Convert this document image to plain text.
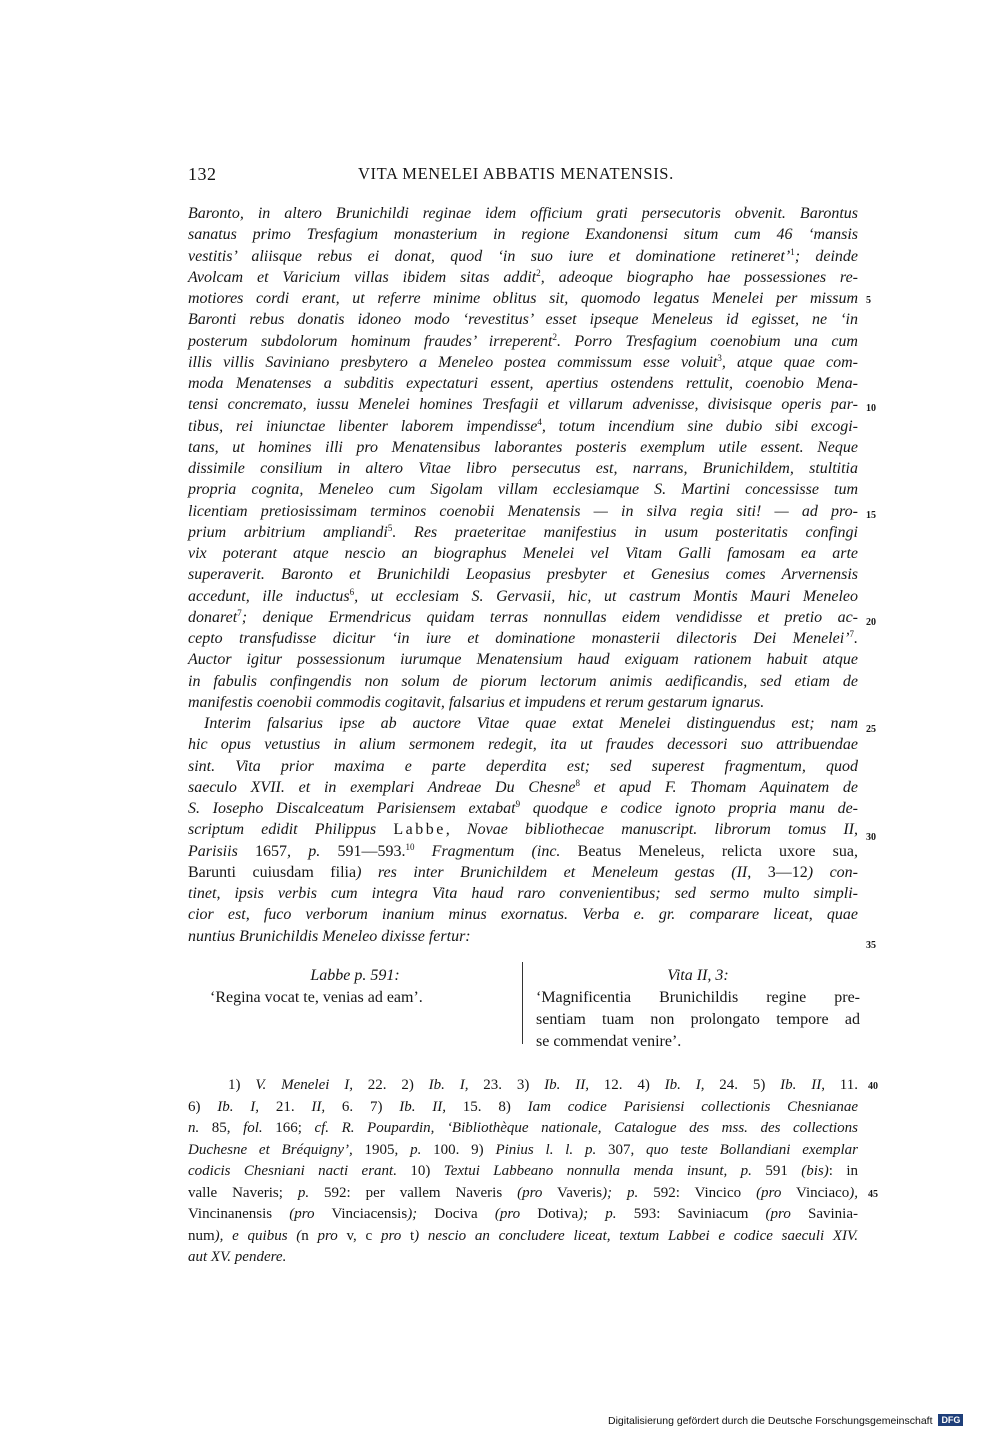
132	VITA MENELEI ABBATIS MENATENSIS.
Baronto, in altero Brunichildi reginae idem officium grati persecutoris obvenit. Barontus
sanatus primo Tresfagium monasterium in regione Exandonensi situm cum 46 ‘mansis
vestitis’ aliisque rebus ei donat, quod ‘in suo iure et dominatione retineret’$^1$; deinde
Avolcam et Varicium villas ibidem sitas addit$^2$, adeoque biographo hae possessiones re-
motiores cordi erant, ut referre minime oblitus sit, quomodo legatus Menelei per missum
Baronti rebus donatis idoneo modo ‘revestitus’ esset ipseque Meneleus id egisset, ne ‘in
posterum subdolorum hominum fraudes’ irreperent$^2$. Porro Tresfagium coenobium una cum
illis villis Saviniano presbytero a Meneleo postea commissum esse voluit$^3$, atque quae com-
moda Menatenses a subditis expectaturi essent, apertius ostendens rettulit, coenobio Mena-
tensi concremato, iussu Menelei homines Tresfagii et villarum advenisse, divisisque operis par-
tibus, rei iniunctae libenter laborem impendisse$^4$, totum incendium sine dubio sibi excogi-
tans, ut homines illi pro Menatensibus laborantes posteris exemplum utile essent. Neque
dissimile consilium in altero Vitae libro persecutus est, narrans, Brunichildem, stultitia
propria cognita, Meneleo cum Sigolam villam ecclesiamque S. Martini concessisse tum
licentiam pretiosissimam terminos coenobii Menatensis — in silva regia siti! — ad pro-
prium arbitrium ampliandi$^5$. Res praeteritae manifestius in usum posteritatis confingi
vix poterant atque nescio an biographus Menelei vel Vitam Galli famosam ea arte
superaverit. Baronto et Brunichildi Leopasius presbyter et Genesius comes Arvernensis
accedunt, ille inductus$^6$, ut ecclesiam S. Gervasii, hic, ut castrum Montis Mauri Meneleo
donaret$^7$; denique Ermendricus quidam terras nonnullas eidem vendidisse et pretio ac-
cepto transfudisse dicitur ‘in iure et dominatione monasterii dilectoris Dei Menelei’$^7$.
Auctor igitur possessionum iurumque Menatensium haud exiguam rationem habuit atque
in fabulis confingendis non solum de piorum lectorum animis aedificandis, sed etiam de
manifestis coenobii commodis cogitavit, falsarius et impudens et rerum gestarum ignarus.
Interim falsarius ipse ab auctore Vitae quae extat Menelei distinguendus est; nam
hic opus vetustius in alium sermonem redegit, ita ut fraudes decessori suo attribuendae
sint. Vita prior maxima e parte deperdita est; sed superest fragmentum, quod
saeculo XVII. et in exemplari Andreae Du Chesne$^8$ et apud F. Thomam Aquinatem de
S. Iosepho Discalceatum Parisiensem extabat$^9$ quodque e codice ignoto propria manu de-
scriptum edidit Philippus Labbe, Novae bibliothecae manuscript. librorum tomus II,
Parisiis 1657, p. 591—593.10 Fragmentum (inc. Beatus Meneleus, relicta uxore sua,
Barunti cuiusdam filia) res inter Brunichildem et Meneleum gestas (II, 3—12) con-
tinet, ipsis verbis cum integra Vita haud raro convenientibus; sed sermo multo simpli-
cior est, fuco verborum inanium minus exornatus. Verba e. gr. comparare liceat, quae
nuntius Brunichildis Meneleo dixisse fertur:
5
10
15
20
25
30
35
Labbe p. 591:
‘Regina vocat te, venias ad eam’.
Vita II, 3:
‘Magnificentia Brunichildis regine pre-
sentiam tuam non prolongato tempore ad
se commendat venire’.
1) V. Menelei I, 22. 2) Ib. I, 23. 3) Ib. II, 12. 4) Ib. I, 24. 5) Ib. II, 11.
6) Ib. I, 21. II, 6. 7) Ib. II, 15. 8) Iam codice Parisiensi collectionis Chesnianae
n. 85, fol. 166; cf. R. Poupardin, ‘Bibliothèque nationale, Catalogue des mss. des collections
Duchesne et Bréquigny’, 1905, p. 100. 9) Pinius l. l. p. 307, quo teste Bollandiani exemplar
codicis Chesniani nacti erant. 10) Textui Labbeano nonnulla menda insunt, p. 591 (bis): in
valle Naveris; p. 592: per vallem Naveris (pro Vaveris); p. 592: Vincico (pro Vinciaco),
Vincinanensis (pro Vinciacensis); Dociva (pro Dotiva); p. 593: Saviniacum (pro Savinia-
num), e quibus (n pro v, c pro t) nescio an concludere liceat, textum Labbei e codice saeculi XIV.
aut XV. pendere.
40
45
Digitalisierung gefördert durch die Deutsche Forschungsgemeinschaft DFG
